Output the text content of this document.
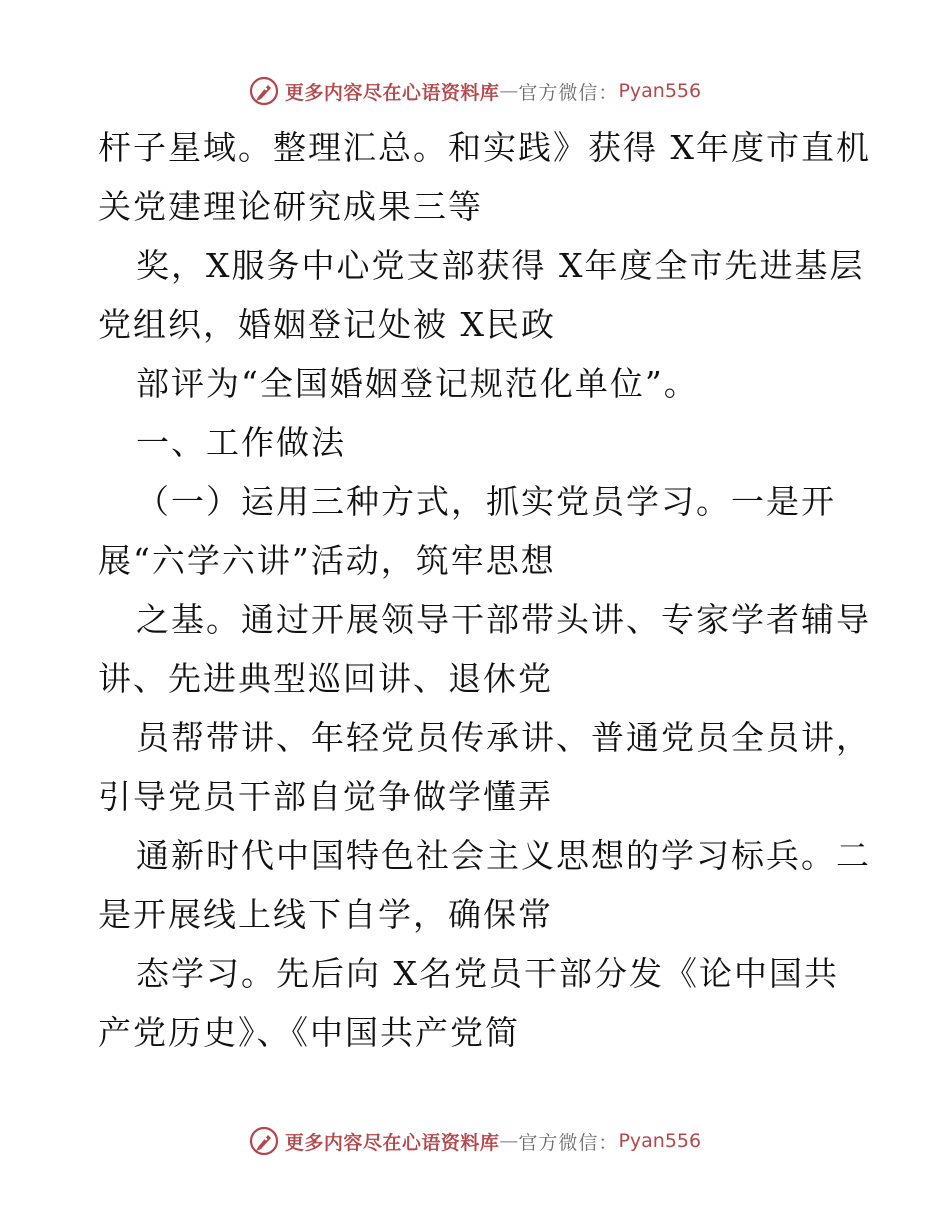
更多内容尽在心语资料库 — 官方微信： Pyan556
杆子星域。整理汇总。和实践》获得 X年度市直机
关党建理论研究成果三等
奖，X服务中心党支部获得 X年度全市先进基层
党组织，婚姻登记处被 X民政
部评为“全国婚姻登记规范化单位”。
一、工作做法
（一）运用三种方式，抓实党员学习。一是开
展“六学六讲”活动，筑牢思想
之基。通过开展领导干部带头讲、专家学者辅导
讲、先进典型巡回讲、退休党
员帮带讲、年轻党员传承讲、普通党员全员讲，
引导党员干部自觉争做学懂弄
通新时代中国特色社会主义思想的学习标兵。二
是开展线上线下自学，确保常
态学习。先后向 X名党员干部分发《论中国共
产党历史》、《中国共产党简
更多内容尽在心语资料库 — 官方微信： Pyan556
